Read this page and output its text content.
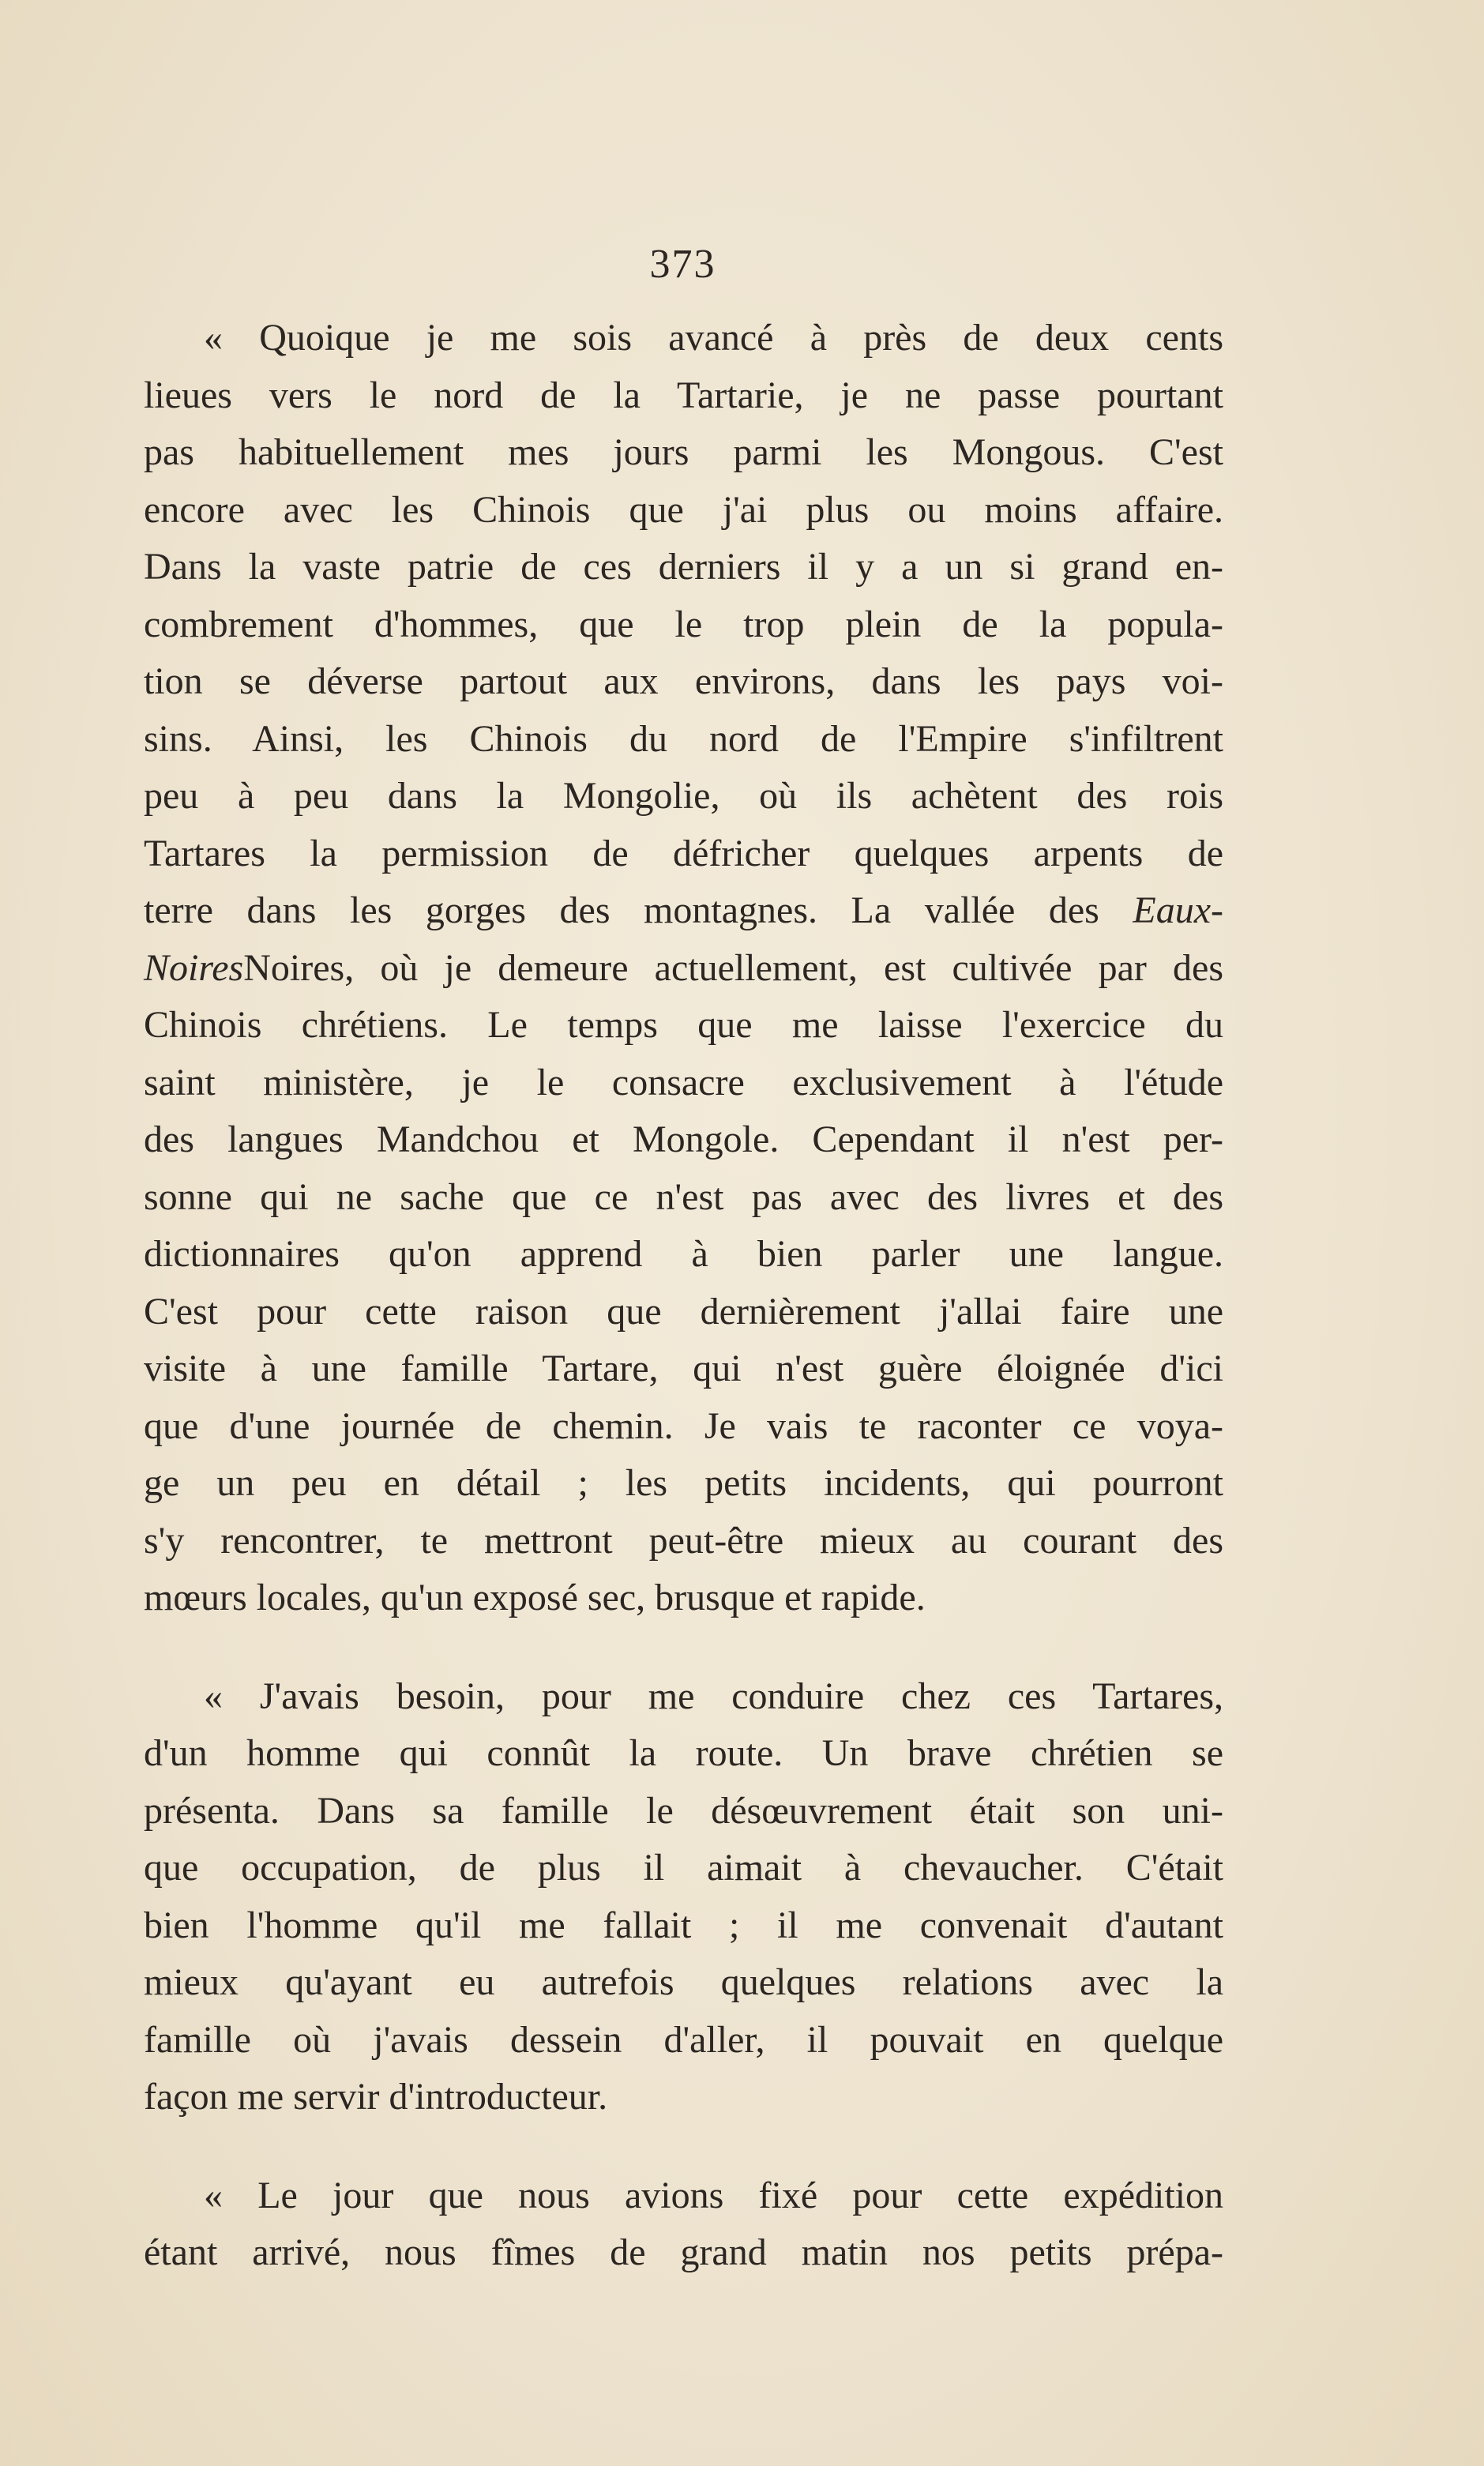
373
« Quoique je me sois avancé à près de deux cents
lieues vers le nord de la Tartarie, je ne passe pourtant
pas habituellement mes jours parmi les Mongous. C'est
encore avec les Chinois que j'ai plus ou moins affaire.
Dans la vaste patrie de ces derniers il y a un si grand en-
combrement d'hommes, que le trop plein de la popula-
tion se déverse partout aux environs, dans les pays voi-
sins. Ainsi, les Chinois du nord de l'Empire s'infiltrent
peu à peu dans la Mongolie, où ils achètent des rois
Tartares la permission de défricher quelques arpents de
terre dans les gorges des montagnes. La vallée des Eaux-
NoiresNoires, où je demeure actuellement, est cultivée par des
Chinois chrétiens. Le temps que me laisse l'exercice du
saint ministère, je le consacre exclusivement à l'étude
des langues Mandchou et Mongole. Cependant il n'est per-
sonne qui ne sache que ce n'est pas avec des livres et des
dictionnaires qu'on apprend à bien parler une langue.
C'est pour cette raison que dernièrement j'allai faire une
visite à une famille Tartare, qui n'est guère éloignée d'ici
que d'une journée de chemin. Je vais te raconter ce voya-
ge un peu en détail ; les petits incidents, qui pourront
s'y rencontrer, te mettront peut-être mieux au courant des
mœurs locales, qu'un exposé sec, brusque et rapide.
« J'avais besoin, pour me conduire chez ces Tartares,
d'un homme qui connût la route. Un brave chrétien se
présenta. Dans sa famille le désœuvrement était son uni-
que occupation, de plus il aimait à chevaucher. C'était
bien l'homme qu'il me fallait ; il me convenait d'autant
mieux qu'ayant eu autrefois quelques relations avec la
famille où j'avais dessein d'aller, il pouvait en quelque
façon me servir d'introducteur.
« Le jour que nous avions fixé pour cette expédition
étant arrivé, nous fîmes de grand matin nos petits prépa-
